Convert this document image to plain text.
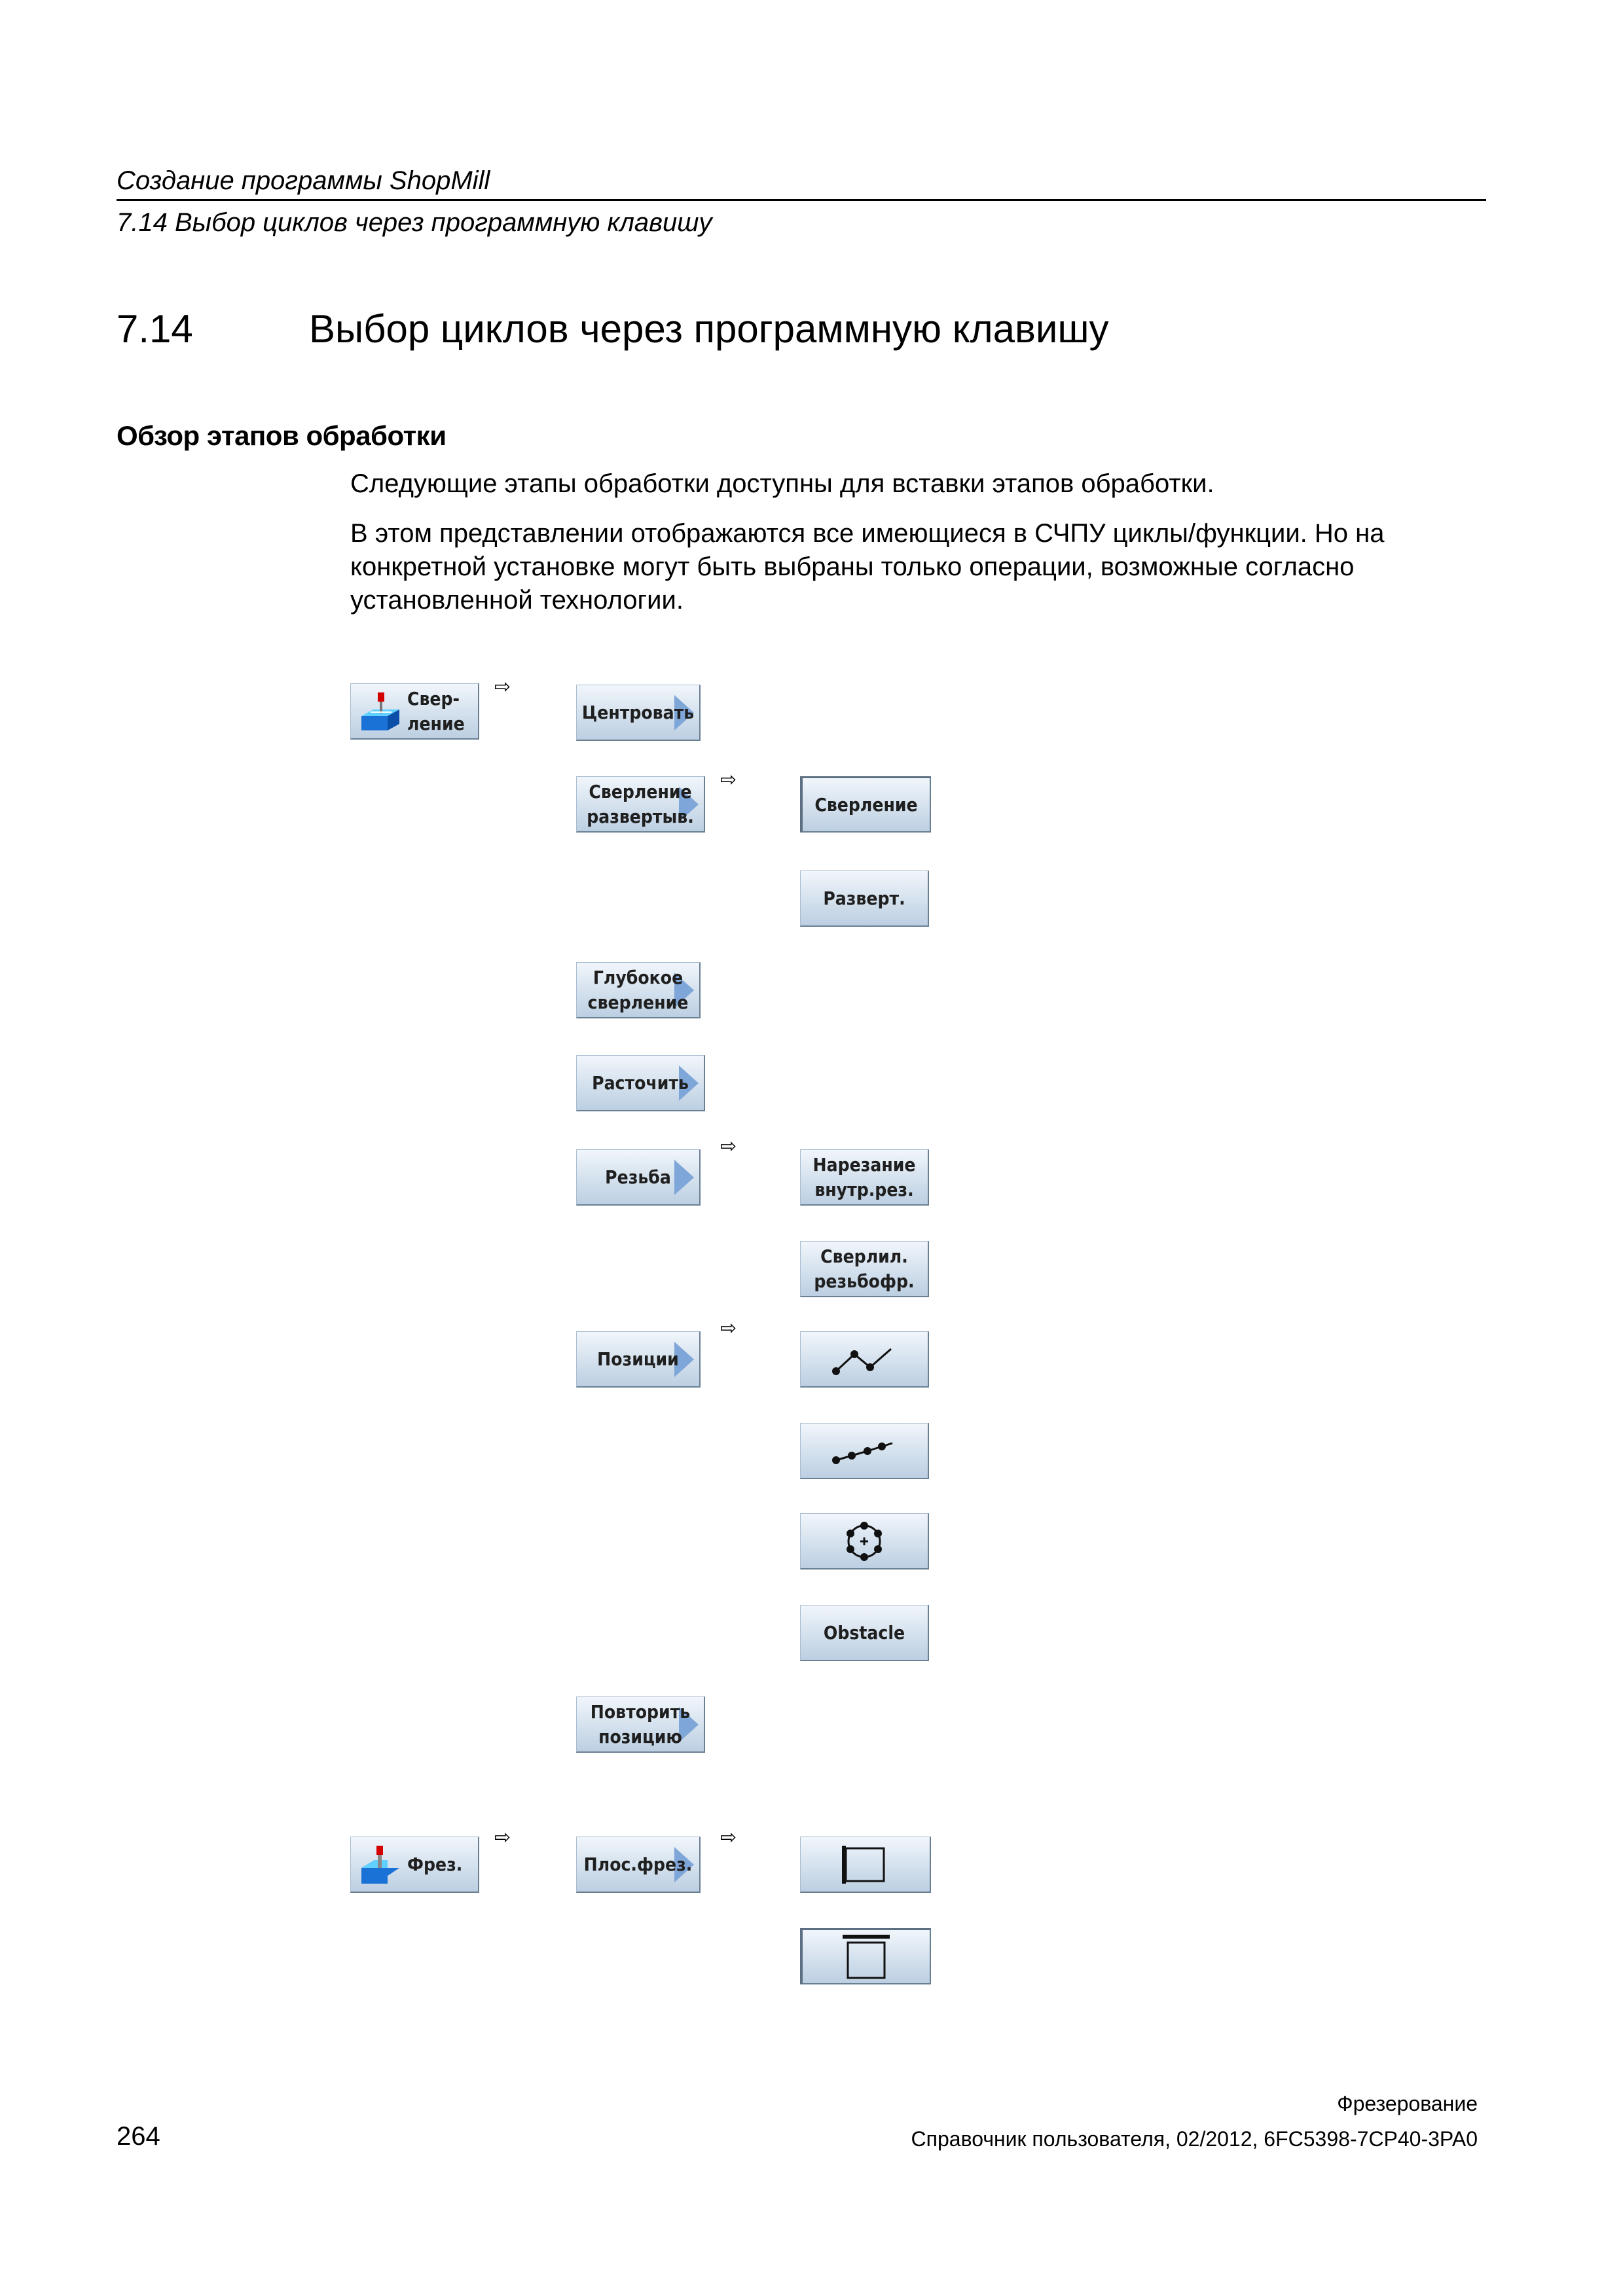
Создание программы ShopMill
7.14 Выбор циклов через программную клавишу
7.14	Выбор циклов через программную клавишу
Обзор этапов обработки

Следующие этапы обработки доступны для вставки этапов обработки.

В этом представлении отображаются все имеющиеся в СЧПУ циклы/функции. Но на конкретной установке могут быть выбраны только операции, возможные согласно установленной технологии.

⇨
⇨
⇨
⇨
⇨	⇨
Свер-
ление
Фрез.
Центровать
Сверление
развертыв.
Глубокое
сверление
Расточить
Резьба
Позиции
Повторить
позицию
Плос.фрез.
Сверление
Разверт.
Нарезание
внутр.рез.
Сверлил.
резьбофр.
Obstacle
Фрезерование
264	Справочник пользователя, 02/2012, 6FC5398-7CP40-3PA0
